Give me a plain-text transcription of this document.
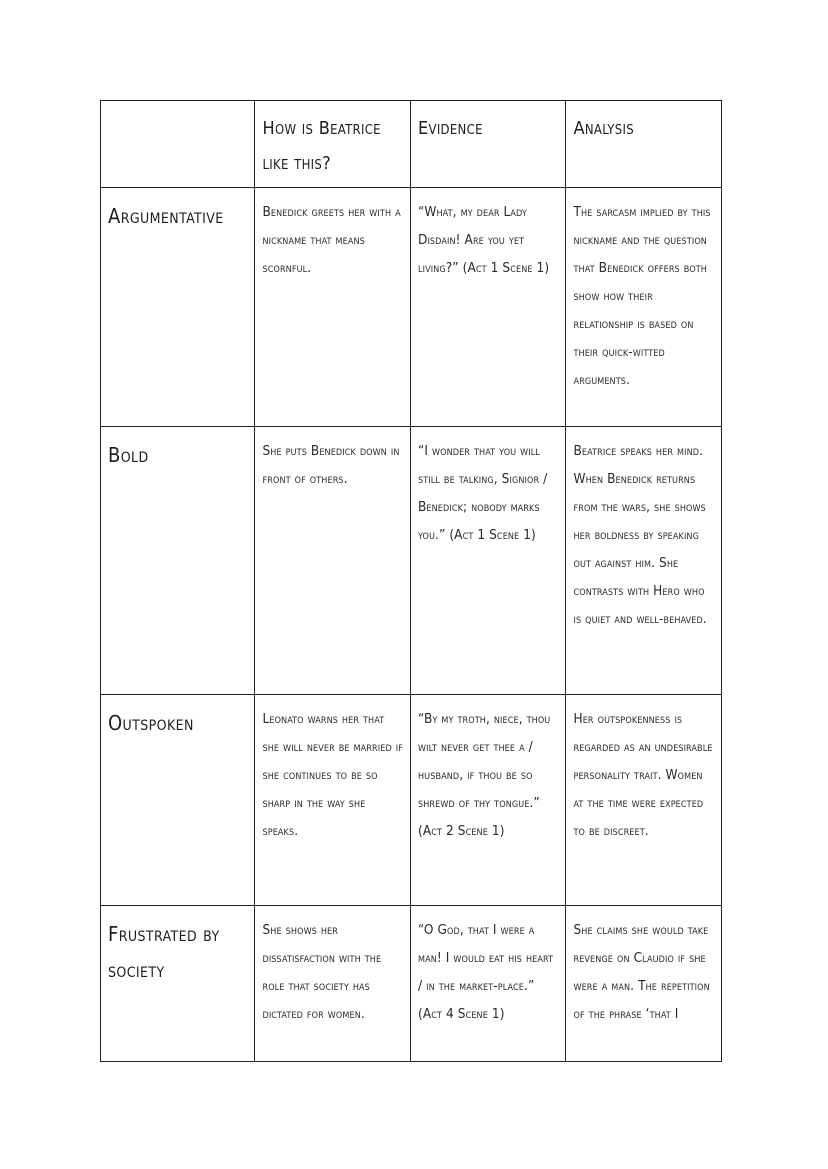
	How is Beatrice like this?	Evidence	Analysis

Argumentative	Benedick greets her with a nickname that means scornful.	“What, my dear Lady Disdain! Are you yet living?” (Act 1 Scene 1)	The sarcasm implied by this nickname and the question that Benedick offers both show how their relationship is based on their quick-witted arguments.

Bold	She puts Benedick down in front of others.	“I wonder that you will still be talking, Signior / Benedick; nobody marks you.” (Act 1 Scene 1)	Beatrice speaks her mind. When Benedick returns from the wars, she shows her boldness by speaking out against him. She contrasts with Hero who is quiet and well-behaved.

Outspoken	Leonato warns her that she will never be married if she continues to be so sharp in the way she speaks.	“By my troth, niece, thou wilt never get thee a / husband, if thou be so shrewd of thy tongue.” (Act 2 Scene 1)	Her outspokenness is regarded as an undesirable personality trait. Women at the time were expected to be discreet.

Frustrated by society	She shows her dissatisfaction with the role that society has dictated for women.	“O God, that I were a man! I would eat his heart / in the market-place.” (Act 4 Scene 1)	She claims she would take revenge on Claudio if she were a man. The repetition of the phrase ‘that I
